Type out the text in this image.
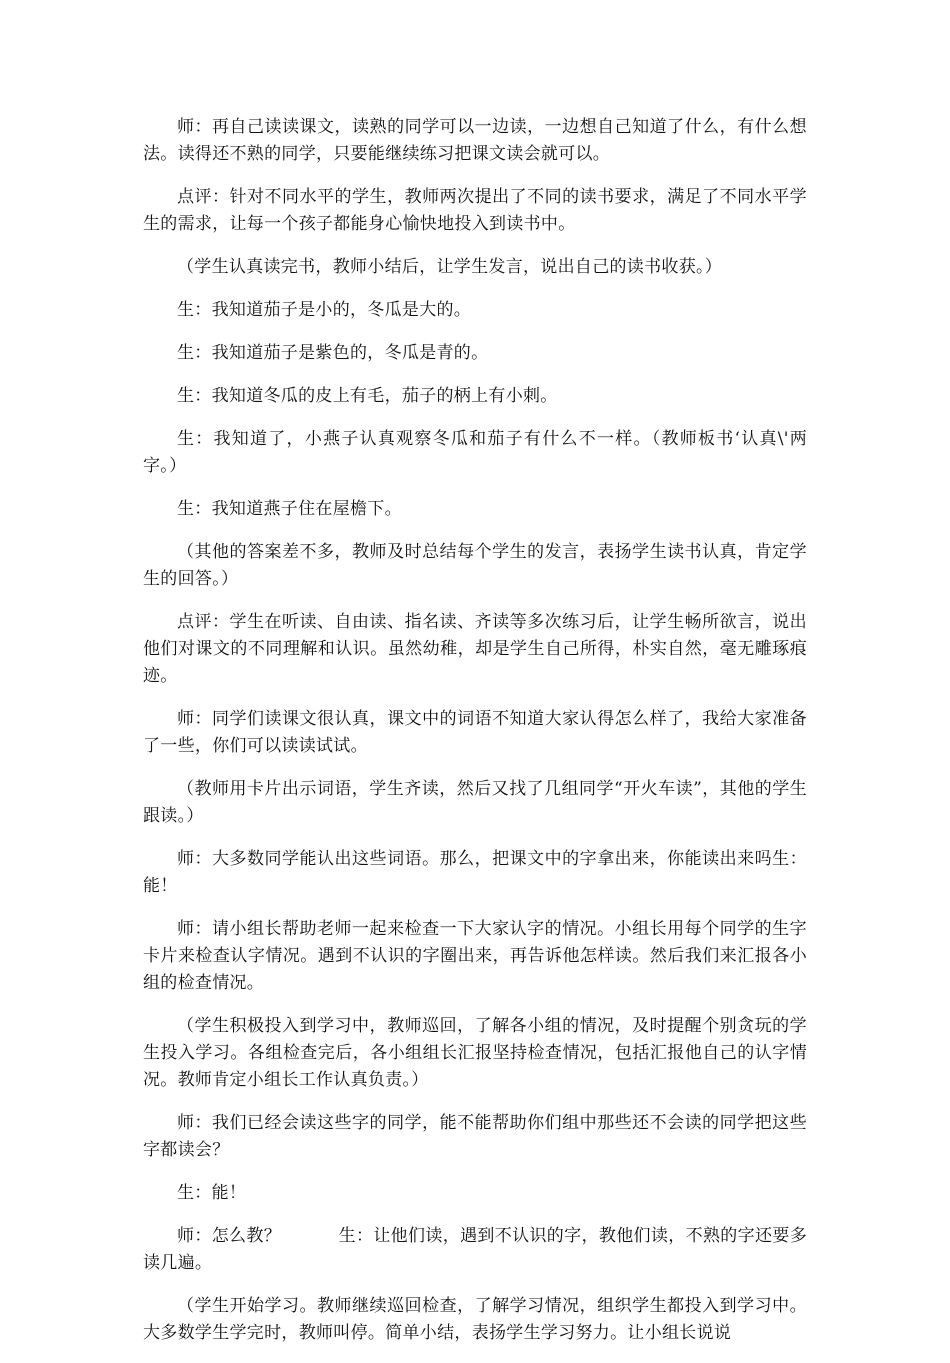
师：再自己读读课文，读熟的同学可以一边读，一边想自己知道了什么，有什么想法。读得还不熟的同学，只要能继续练习把课文读会就可以。

点评：针对不同水平的学生，教师两次提出了不同的读书要求，满足了不同水平学生的需求，让每一个孩子都能身心愉快地投入到读书中。

（学生认真读完书，教师小结后，让学生发言，说出自己的读书收获。）

生：我知道茄子是小的，冬瓜是大的。

生：我知道茄子是紫色的，冬瓜是青的。

生：我知道冬瓜的皮上有毛，茄子的柄上有小刺。

生：我知道了，小燕子认真观察冬瓜和茄子有什么不一样。（教师板书‘认真\'两字。）

生：我知道燕子住在屋檐下。

（其他的答案差不多，教师及时总结每个学生的发言，表扬学生读书认真，肯定学生的回答。）

点评：学生在听读、自由读、指名读、齐读等多次练习后，让学生畅所欲言，说出他们对课文的不同理解和认识。虽然幼稚，却是学生自己所得，朴实自然，毫无雕琢痕迹。

师：同学们读课文很认真，课文中的词语不知道大家认得怎么样了，我给大家准备了一些，你们可以读读试试。

（教师用卡片出示词语，学生齐读，然后又找了几组同学“开火车读”，其他的学生跟读。）

师：大多数同学能认出这些词语。那么，把课文中的字拿出来，你能读出来吗生：能！

师：请小组长帮助老师一起来检查一下大家认字的情况。小组长用每个同学的生字卡片来检查认字情况。遇到不认识的字圈出来，再告诉他怎样读。然后我们来汇报各小组的检查情况。

（学生积极投入到学习中，教师巡回，了解各小组的情况，及时提醒个别贪玩的学生投入学习。各组检查完后，各小组组长汇报坚持检查情况，包括汇报他自己的认字情况。教师肯定小组长工作认真负责。）

师：我们已经会读这些字的同学，能不能帮助你们组中那些还不会读的同学把这些字都读会？

生：能！

师：怎么教？          生：让他们读，遇到不认识的字，教他们读，不熟的字还要多读几遍。

（学生开始学习。教师继续巡回检查，了解学习情况，组织学生都投入到学习中。大多数学生学完时，教师叫停。简单小结，表扬学生学习努力。让小组长说说
